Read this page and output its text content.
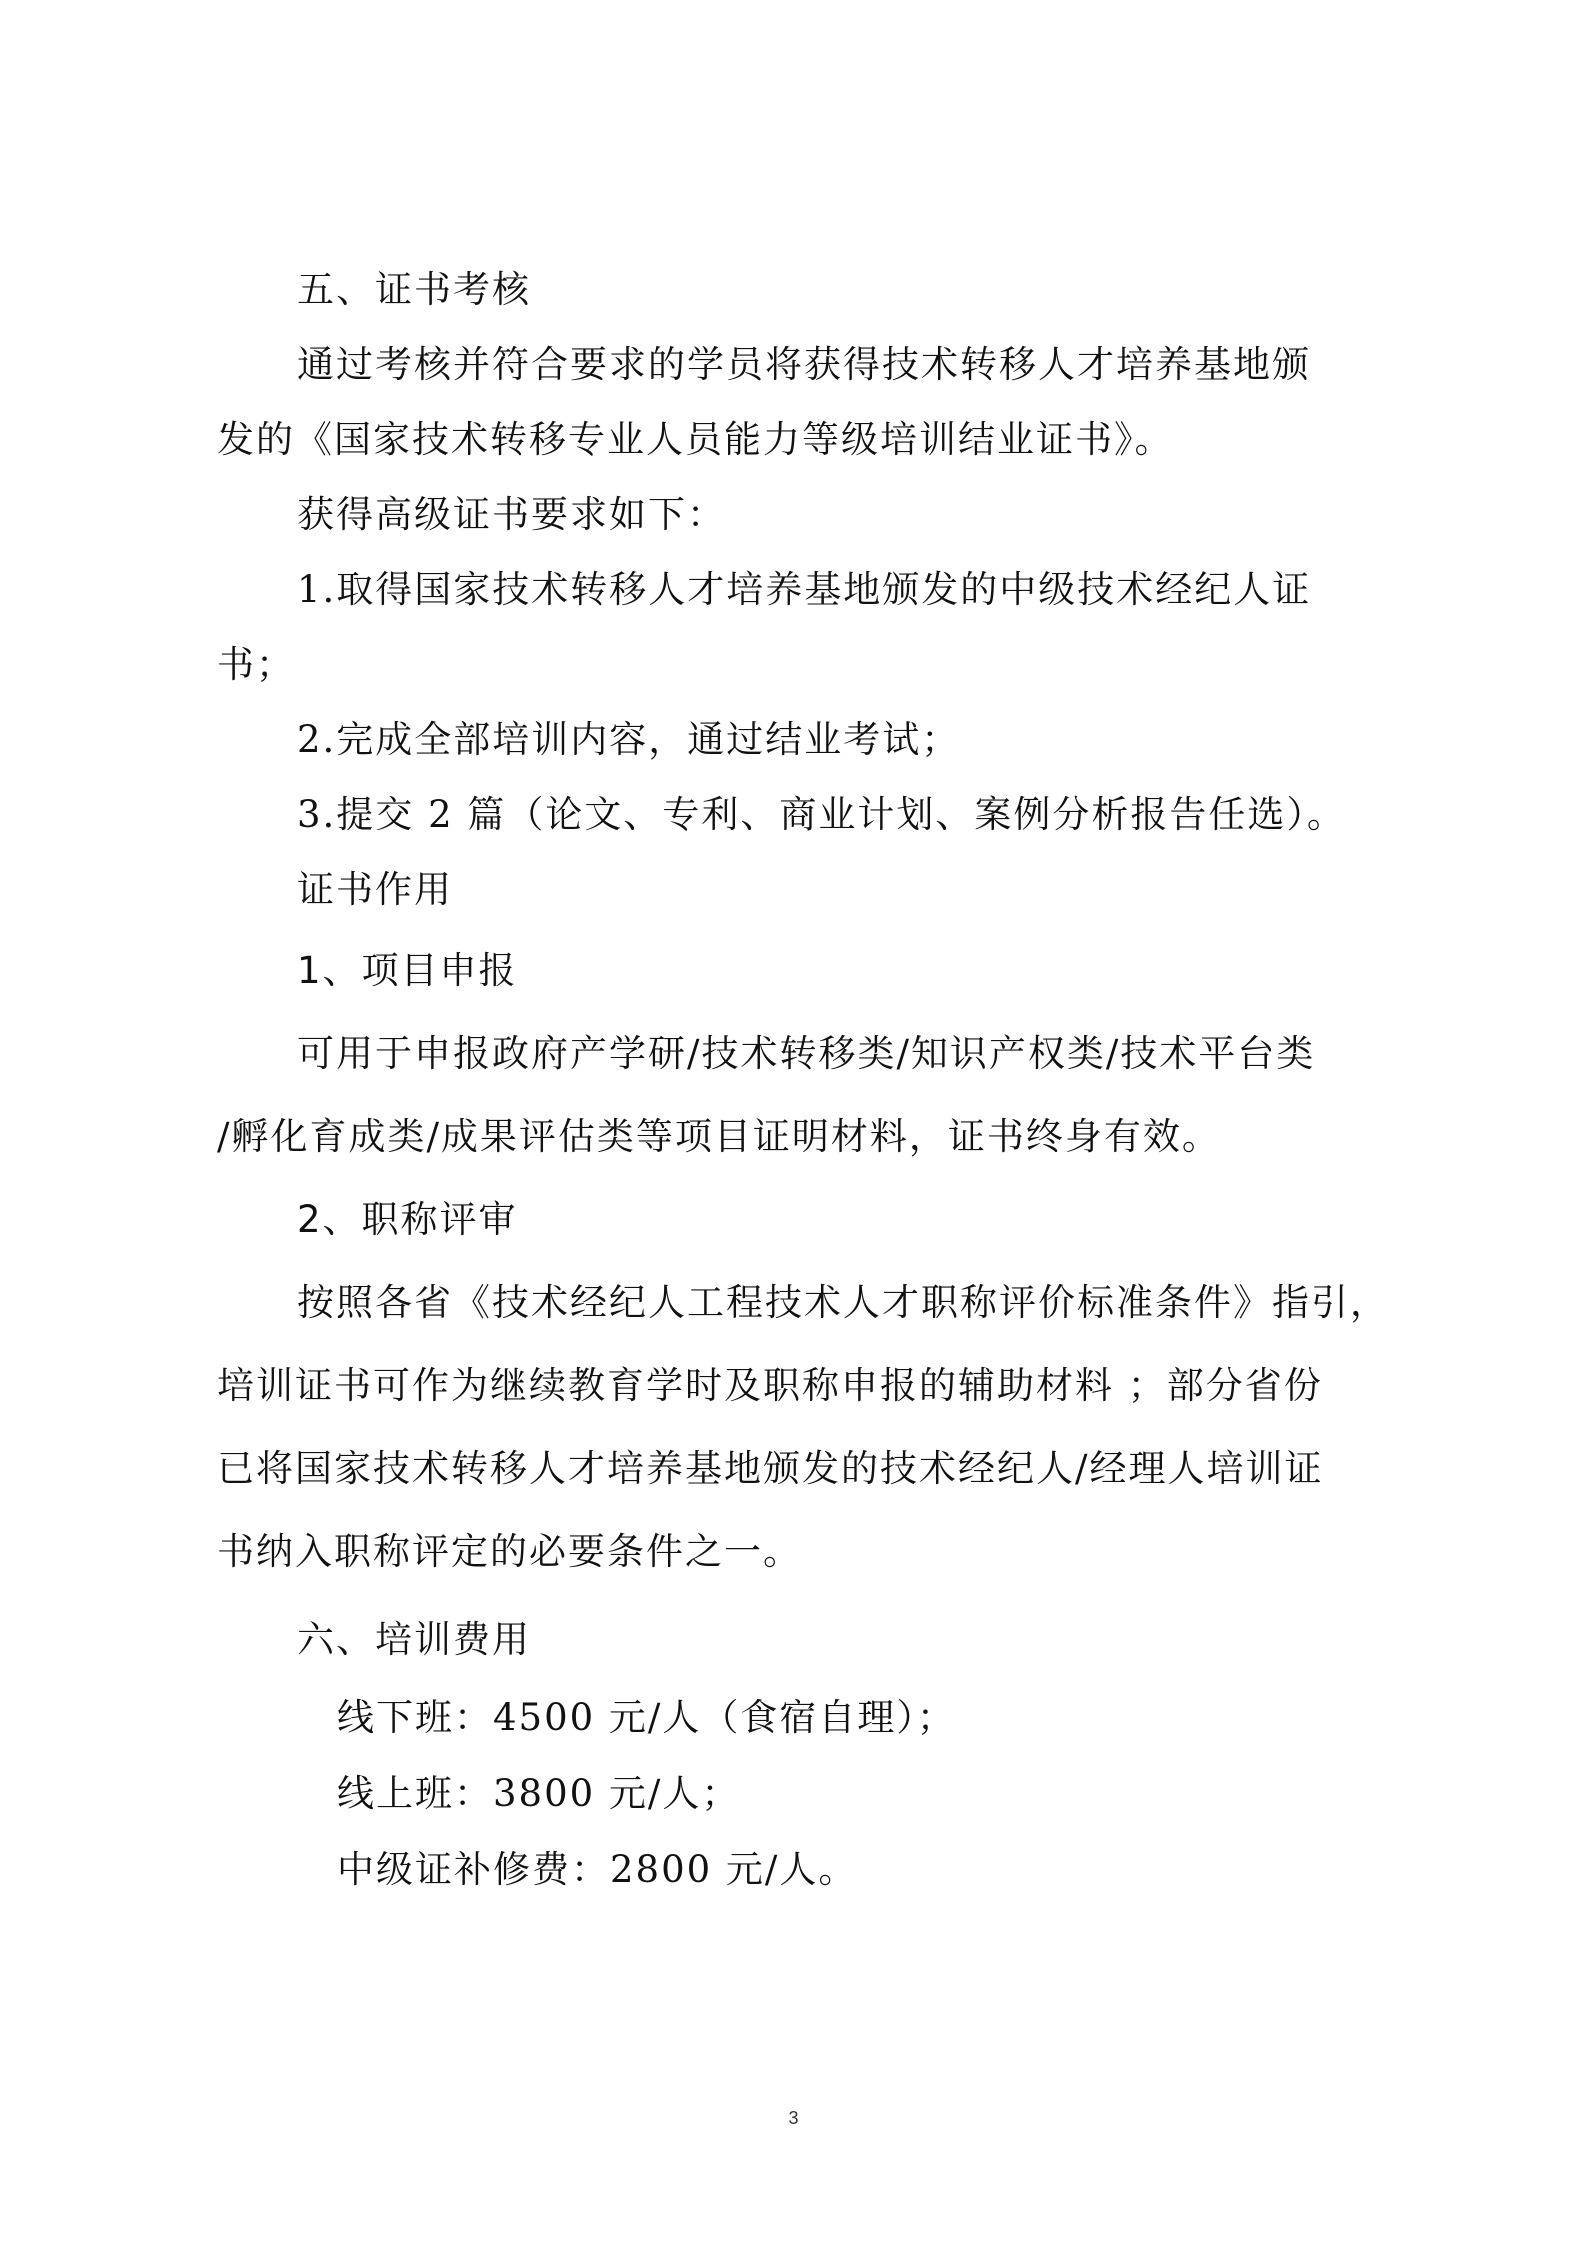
五、证书考核
通过考核并符合要求的学员将获得技术转移人才培养基地颁
发的《国家技术转移专业人员能力等级培训结业证书》。
获得高级证书要求如下：
1.取得国家技术转移人才培养基地颁发的中级技术经纪人证
书；
2.完成全部培训内容，通过结业考试；
3.提交 2 篇（论文、专利、商业计划、案例分析报告任选）。
证书作用
1、项目申报
可用于申报政府产学研/技术转移类/知识产权类/技术平台类
/孵化育成类/成果评估类等项目证明材料，证书终身有效。
2、职称评审
按照各省《技术经纪人工程技术人才职称评价标准条件》指引，
培训证书可作为继续教育学时及职称申报的辅助材料 ；部分省份
已将国家技术转移人才培养基地颁发的技术经纪人/经理人培训证
书纳入职称评定的必要条件之一。
六、培训费用
线下班：4500 元/人（食宿自理）；
线上班：3800 元/人；
中级证补修费：2800 元/人。
3
